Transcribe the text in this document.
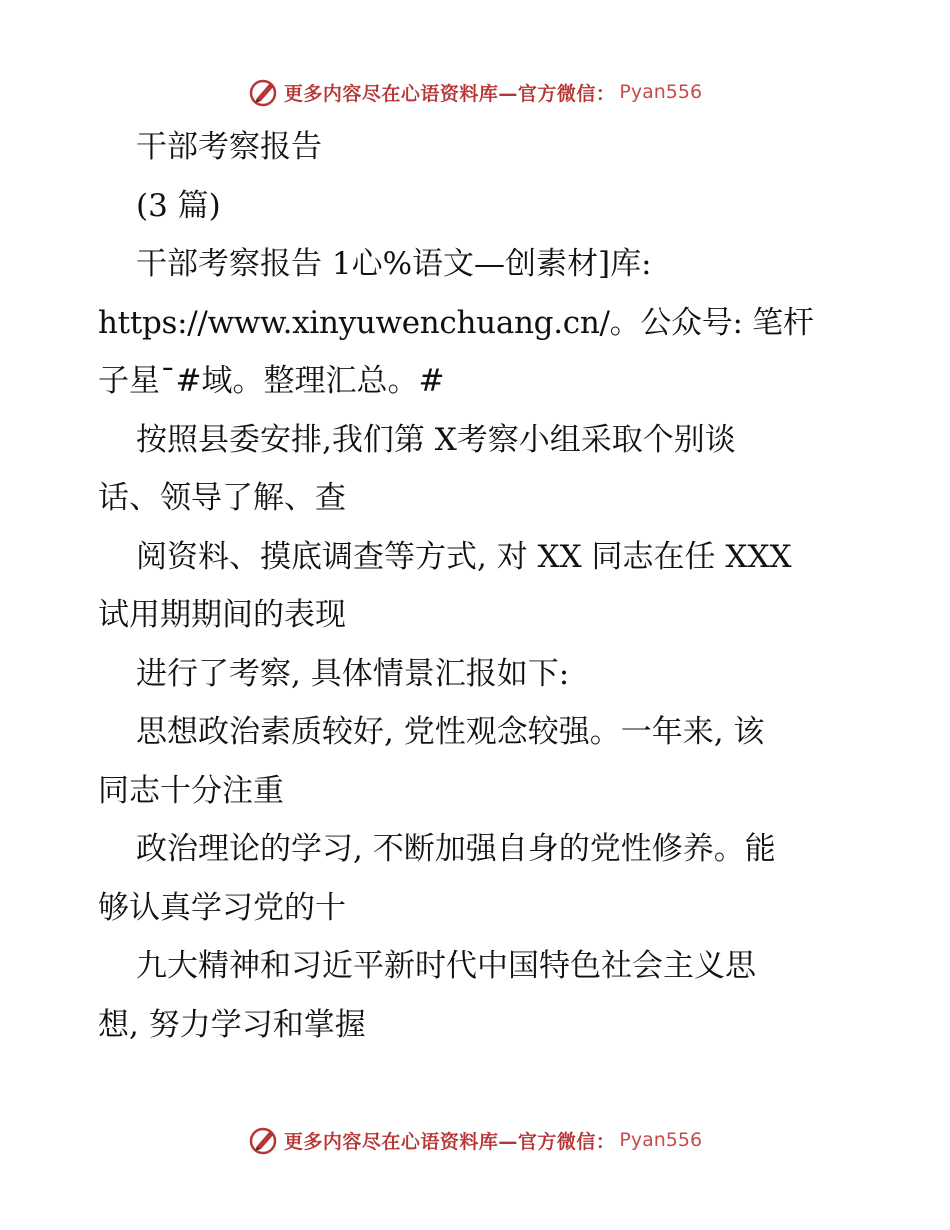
更多内容尽在心语资料库—官方微信： Pyan556
干部考察报告
(3 篇)
干部考察报告 1心%语文—创素材]库:
https://www.xinyuwenchuang.cn/。公众号: 笔杆
子星¯#域。整理汇总。#
按照县委安排,我们第 X考察小组采取个别谈
话、领导了解、查
阅资料、摸底调查等方式, 对 XX 同志在任 XXX
试用期期间的表现
进行了考察, 具体情景汇报如下:
思想政治素质较好, 党性观念较强。一年来, 该
同志十分注重
政治理论的学习, 不断加强自身的党性修养。能
够认真学习党的十
九大精神和习近平新时代中国特色社会主义思
想, 努力学习和掌握
更多内容尽在心语资料库—官方微信： Pyan556
